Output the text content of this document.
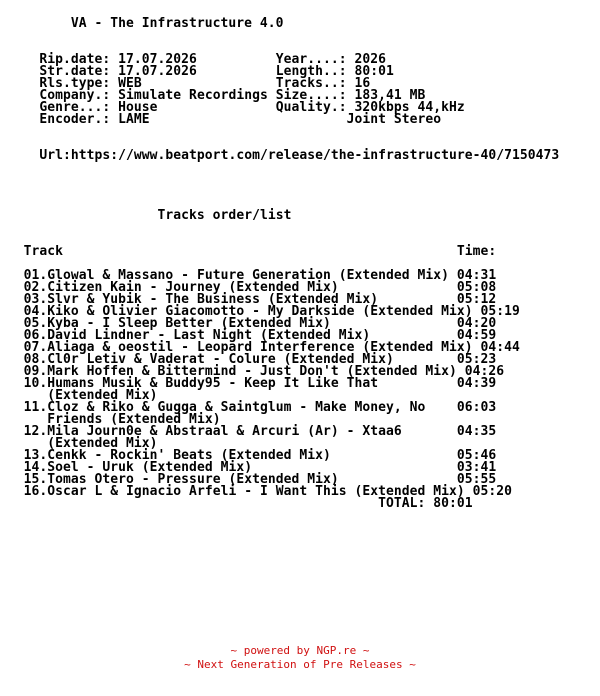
VA - The Infrastructure 4.0

Rip.date: 17.07.2026	Year....: 2026
Str.date: 17.07.2026	Length..: 80:01
Rls.type: WEB	Tracks..: 16
Company.: Simulate Recordings Size....: 183,41 MB
Genre...: House	Quality.: 320kbps 44,kHz
Encoder.: LAME	Joint Stereo

Url:https://www.beatport.com/release/the-infrastructure-40/7150473

Tracks order/list

Track	Time:

01.Glowal & Massano - Future Generation (Extended Mix) 04:31
02.Citizen Kain - Journey (Extended Mix)	05:08
03.Slvr & Yubik - The Business (Extended Mix)	05:12
04.Kiko & Olivier Giacomotto - My Darkside (Extended Mix) 05:19
05.Kyba - I Sleep Better (Extended Mix)	04:20
06.David Lindner - Last Night (Extended Mix)	04:59
07.Aliaga & oeostil - Leopard Interference (Extended Mix) 04:44
08.Cl0r Letiv & Vaderat - Colure (Extended Mix)	05:23
09.Mark Hoffen & Bittermind - Just Don't (Extended Mix) 04:26
10.Humans Musik & Buddy95 - Keep It Like That	04:39
(Extended Mix)
11.Cloz & Riko & Gugga & Saintglum - Make Money, No 06:03
Friends (Extended Mix)
12.Mila Journ0e & Abstraal & Arcuri (Ar) - Xtaa6	04:35
(Extended Mix)
13.Cenkk - Rockin' Beats (Extended Mix)	05:46
14.Soel - Uruk (Extended Mix)	03:41
15.Tomas Otero - Pressure (Extended Mix)	05:55
16.Oscar L & Ignacio Arfeli - I Want This (Extended Mix) 05:20
TOTAL: 80:01
~ powered by NGP.re ~
~ Next Generation of Pre Releases ~
